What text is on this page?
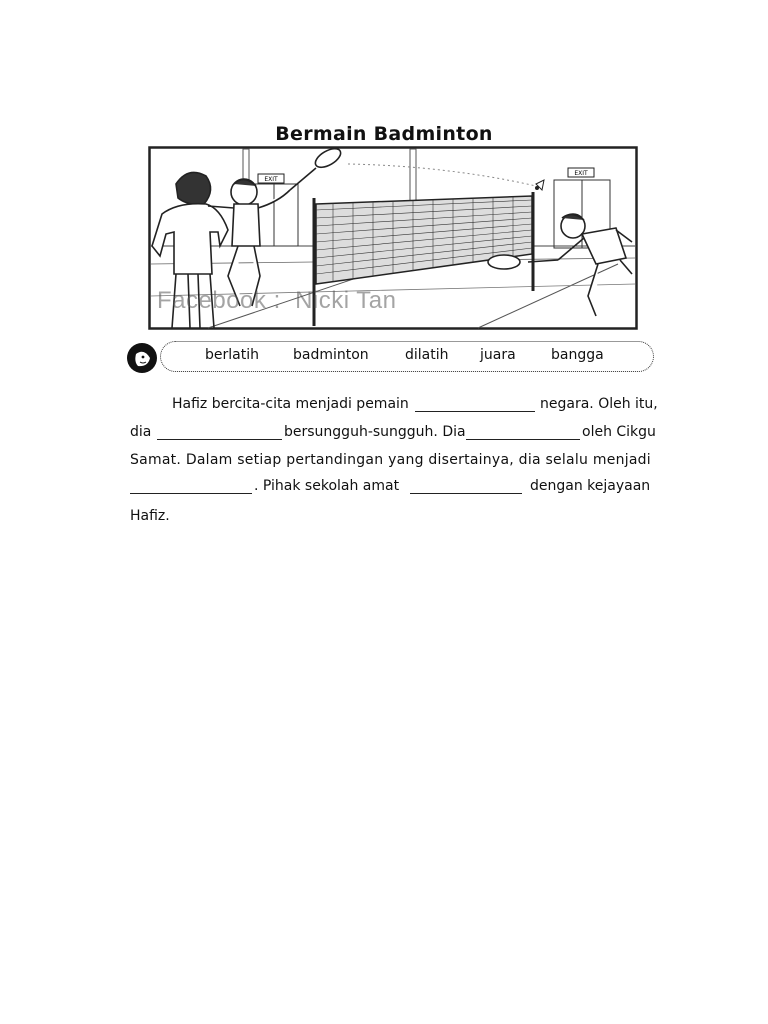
Bermain Badminton
EXIT
EXIT
Facebook :  Nicki Tan
berlatih badminton	dilatih juara	bangga
Hafiz bercita-cita menjadi pemain	negara. Oleh itu,
dia	bersungguh-sungguh. Dia	oleh Cikgu
Samat. Dalam setiap pertandingan yang disertainya, dia selalu menjadi
. Pihak sekolah amat	dengan kejayaan
Hafiz.
